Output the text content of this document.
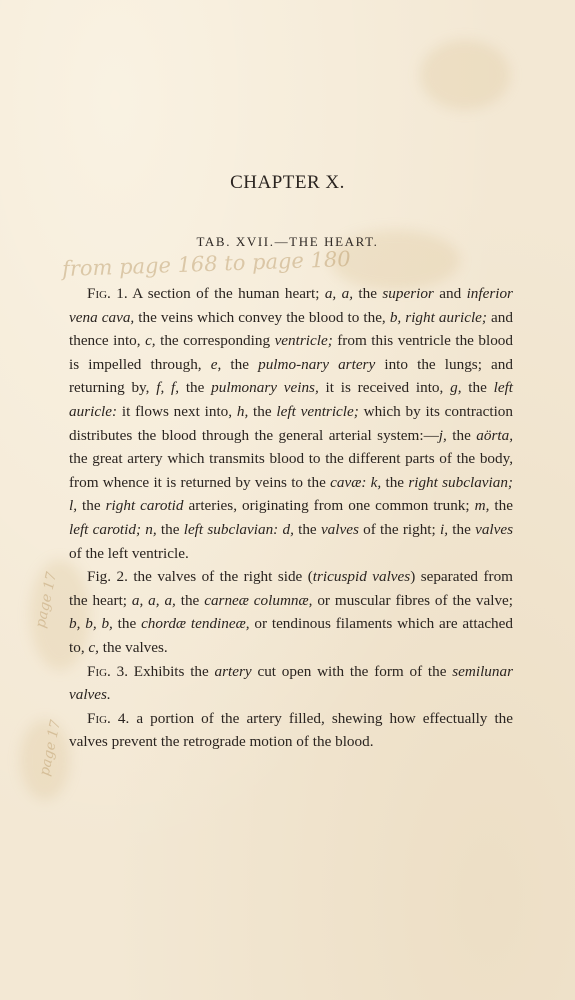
from page 168 to page 180
page 17
page 17
CHAPTER X.
TAB. XVII.—THE HEART.

Fig. 1. A section of the human heart; a, a, the superior and inferior vena cava, the veins which convey the blood to the, b, right auricle; and thence into, c, the corresponding ventricle; from this ventricle the blood is impelled through, e, the pulmo-nary artery into the lungs; and returning by, f, f, the pulmonary veins, it is received into, g, the left auricle: it flows next into, h, the left ventricle; which by its contraction distributes the blood through the general arterial system:—j, the aörta, the great artery which transmits blood to the different parts of the body, from whence it is returned by veins to the cavæ: k, the right subclavian; l, the right carotid arteries, originating from one common trunk; m, the left carotid; n, the left subclavian: d, the valves of the right; i, the valves of the left ventricle.

Fig. 2. the valves of the right side (tricuspid valves) separated from the heart; a, a, a, the carneæ columnæ, or muscular fibres of the valve; b, b, b, the chordæ tendineæ, or tendinous filaments which are attached to, c, the valves.

Fig. 3. Exhibits the artery cut open with the form of the semilunar valves.

Fig. 4. a portion of the artery filled, shewing how effectually the valves prevent the retrograde motion of the blood.
